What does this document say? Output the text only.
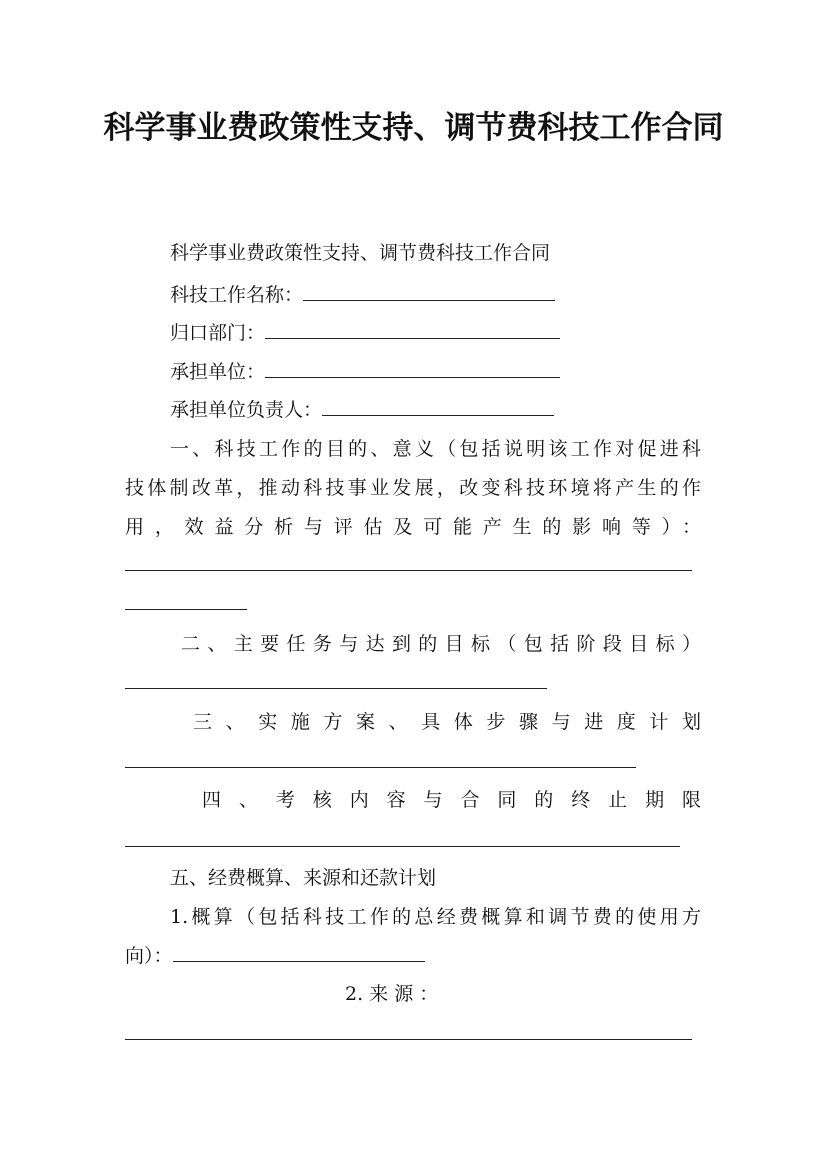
科学事业费政策性支持、调节费科技工作合同
科学事业费政策性支持、调节费科技工作合同
科技工作名称：
归口部门：
承担单位：
承担单位负责人：
一、科技工作的目的、意义（包括说明该工作对促进科
技体制改革，推动科技事业发展，改变科技环境将产生的作
用，效益分析与评估及可能产生的影响等）：
二、主要任务与达到的目标（包括阶段目标）
三、实施方案、具体步骤与进度计划
四、考核内容与合同的终止期限
五、经费概算、来源和还款计划
1.概算（包括科技工作的总经费概算和调节费的使用方
向）：
2. 来 源 ：
